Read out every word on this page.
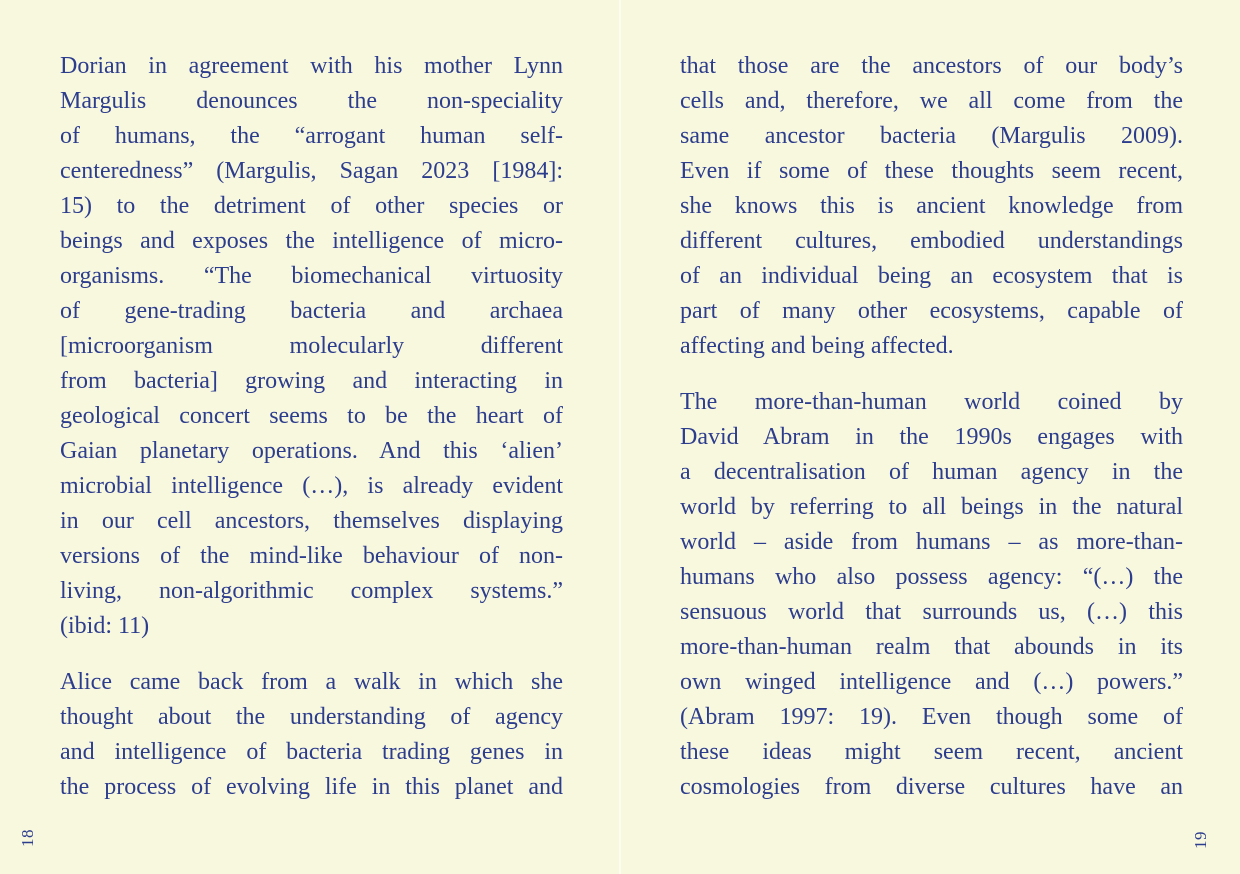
Dorian in agreement with his mother Lynn
Margulis denounces the non-speciality
of humans, the “arrogant human self-
centeredness” (Margulis, Sagan 2023 [1984]:
15) to the detriment of other species or
beings and exposes the intelligence of micro-
organisms. “The biomechanical virtuosity
of gene-trading bacteria and archaea
[microorganism molecularly different
from bacteria] growing and interacting in
geological concert seems to be the heart of
Gaian planetary operations. And this ‘alien’
microbial intelligence (…), is already evident
in our cell ancestors, themselves displaying
versions of the mind-like behaviour of non-
living, non-algorithmic complex systems.”
(ibid: 11)
Alice came back from a walk in which she
thought about the understanding of agency
and intelligence of bacteria trading genes in
the process of evolving life in this planet and
that those are the ancestors of our body’s
cells and, therefore, we all come from the
same ancestor bacteria (Margulis 2009).
Even if some of these thoughts seem recent,
she knows this is ancient knowledge from
different cultures, embodied understandings
of an individual being an ecosystem that is
part of many other ecosystems, capable of
affecting and being affected.
The more-than-human world coined by
David Abram in the 1990s engages with
a decentralisation of human agency in the
world by referring to all beings in the natural
world – aside from humans – as more-than-
humans who also possess agency: “(…) the
sensuous world that surrounds us, (…) this
more-than-human realm that abounds in its
own winged intelligence and (…) powers.”
(Abram 1997: 19). Even though some of
these ideas might seem recent, ancient
cosmologies from diverse cultures have an
18	19
